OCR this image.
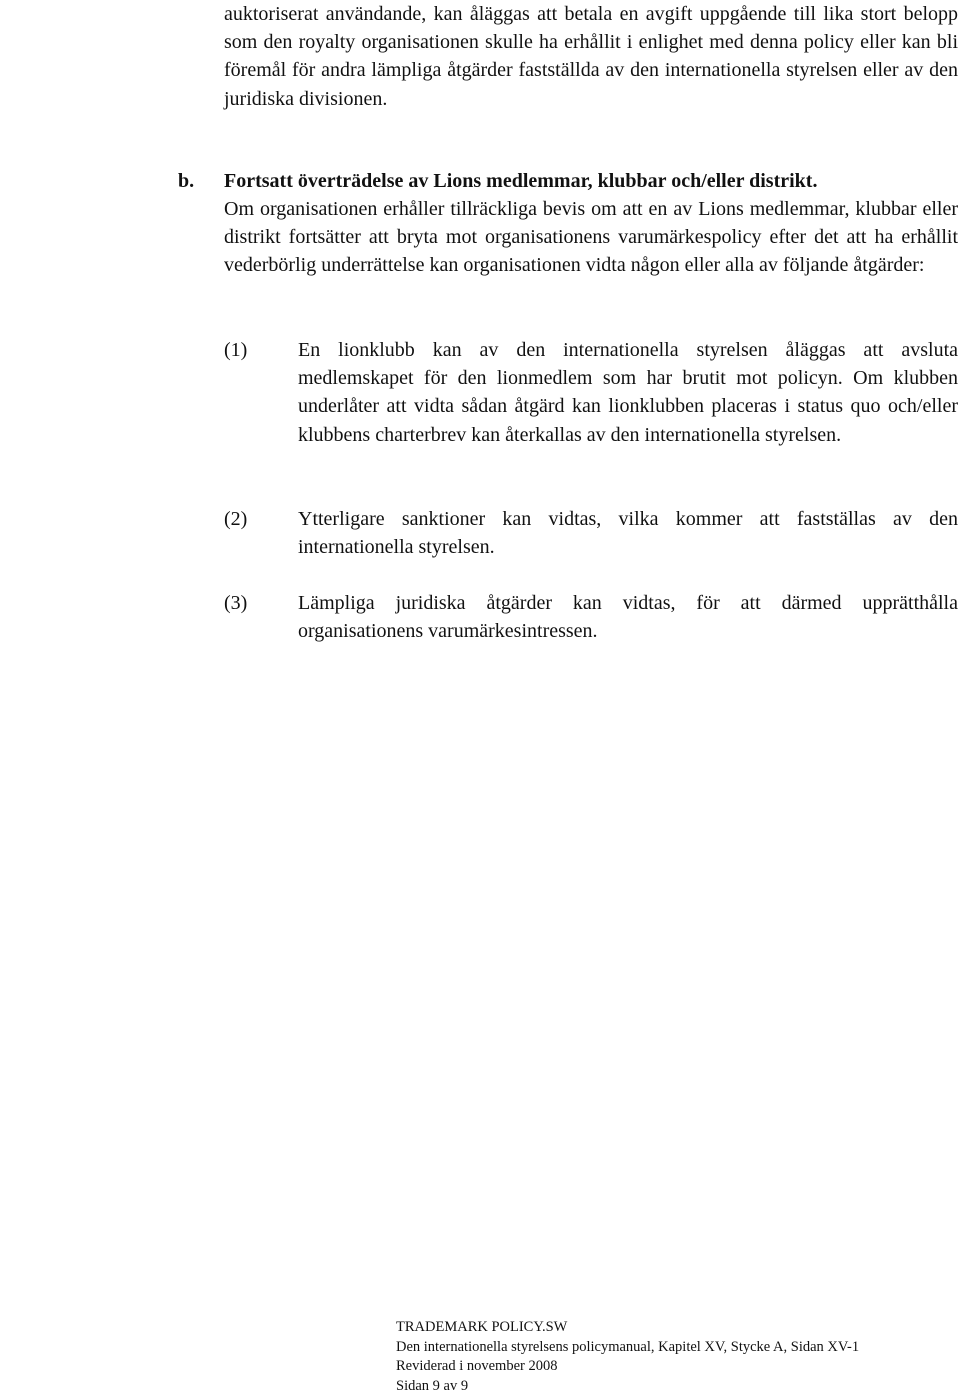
auktoriserat användande, kan åläggas att betala en avgift uppgående till lika stort belopp som den royalty organisationen skulle ha erhållit i enlighet med denna policy eller kan bli föremål för andra lämpliga åtgärder fastställda av den internationella styrelsen eller av den juridiska divisionen.

b. Fortsatt överträdelse av Lions medlemmar, klubbar och/eller distrikt.

Om organisationen erhåller tillräckliga bevis om att en av Lions medlemmar, klubbar eller distrikt fortsätter att bryta mot organisationens varumärkespolicy efter det att ha erhållit vederbörlig underrättelse kan organisationen vidta någon eller alla av följande åtgärder:

(1)	En lionklubb kan av den internationella styrelsen åläggas att avsluta medlemskapet för den lionmedlem som har brutit mot policyn. Om klubben underlåter att vidta sådan åtgärd kan lionklubben placeras i status quo och/eller klubbens charterbrev kan återkallas av den internationella styrelsen.

(2)	Ytterligare sanktioner kan vidtas, vilka kommer att fastställas av den internationella styrelsen.

(3)	Lämpliga juridiska åtgärder kan vidtas, för att därmed upprätthålla organisationens varumärkesintressen.

TRADEMARK POLICY.SW
Den internationella styrelsens policymanual, Kapitel XV, Stycke A, Sidan XV-1
Reviderad i november 2008
Sidan 9 av 9
